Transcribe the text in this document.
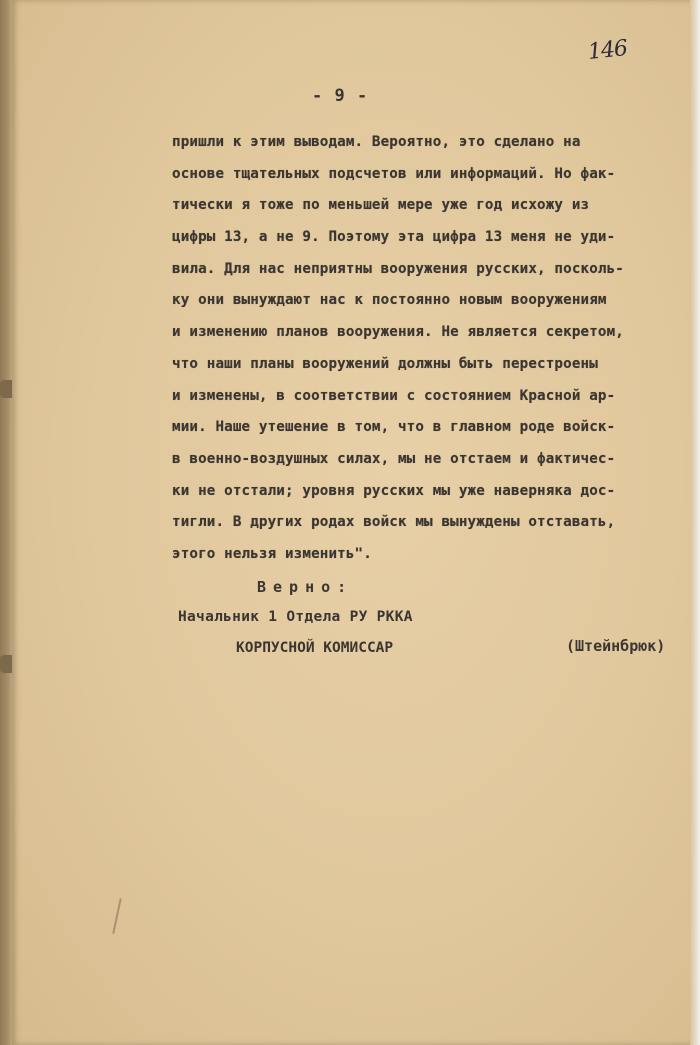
146
- 9 -
пришли к этим выводам. Вероятно, это сделано на
основе тщательных подсчетов или информаций. Но фак-
тически я тоже по меньшей мере уже год исхожу из
цифры 13, а не 9. Поэтому эта цифра 13 меня не уди-
вила. Для нас неприятны вооружения русских, посколь-
ку они вынуждают нас к постоянно новым вооружениям
и изменению планов вооружения. Не является секретом,
что наши планы вооружений должны быть перестроены
и изменены, в соответствии с состоянием Красной ар-
мии. Наше утешение в том, что в главном роде войск-
в военно-воздушных силах, мы не отстаем и фактичес-
ки не отстали; уровня русских мы уже наверняка дос-
тигли. В других родах войск мы вынуждены отставать,
этого нельзя изменить".
Верно:
Начальник 1 Отдела РУ РККА
КОРПУСНОЙ КОМИССАР	(Штейнбрюк)
